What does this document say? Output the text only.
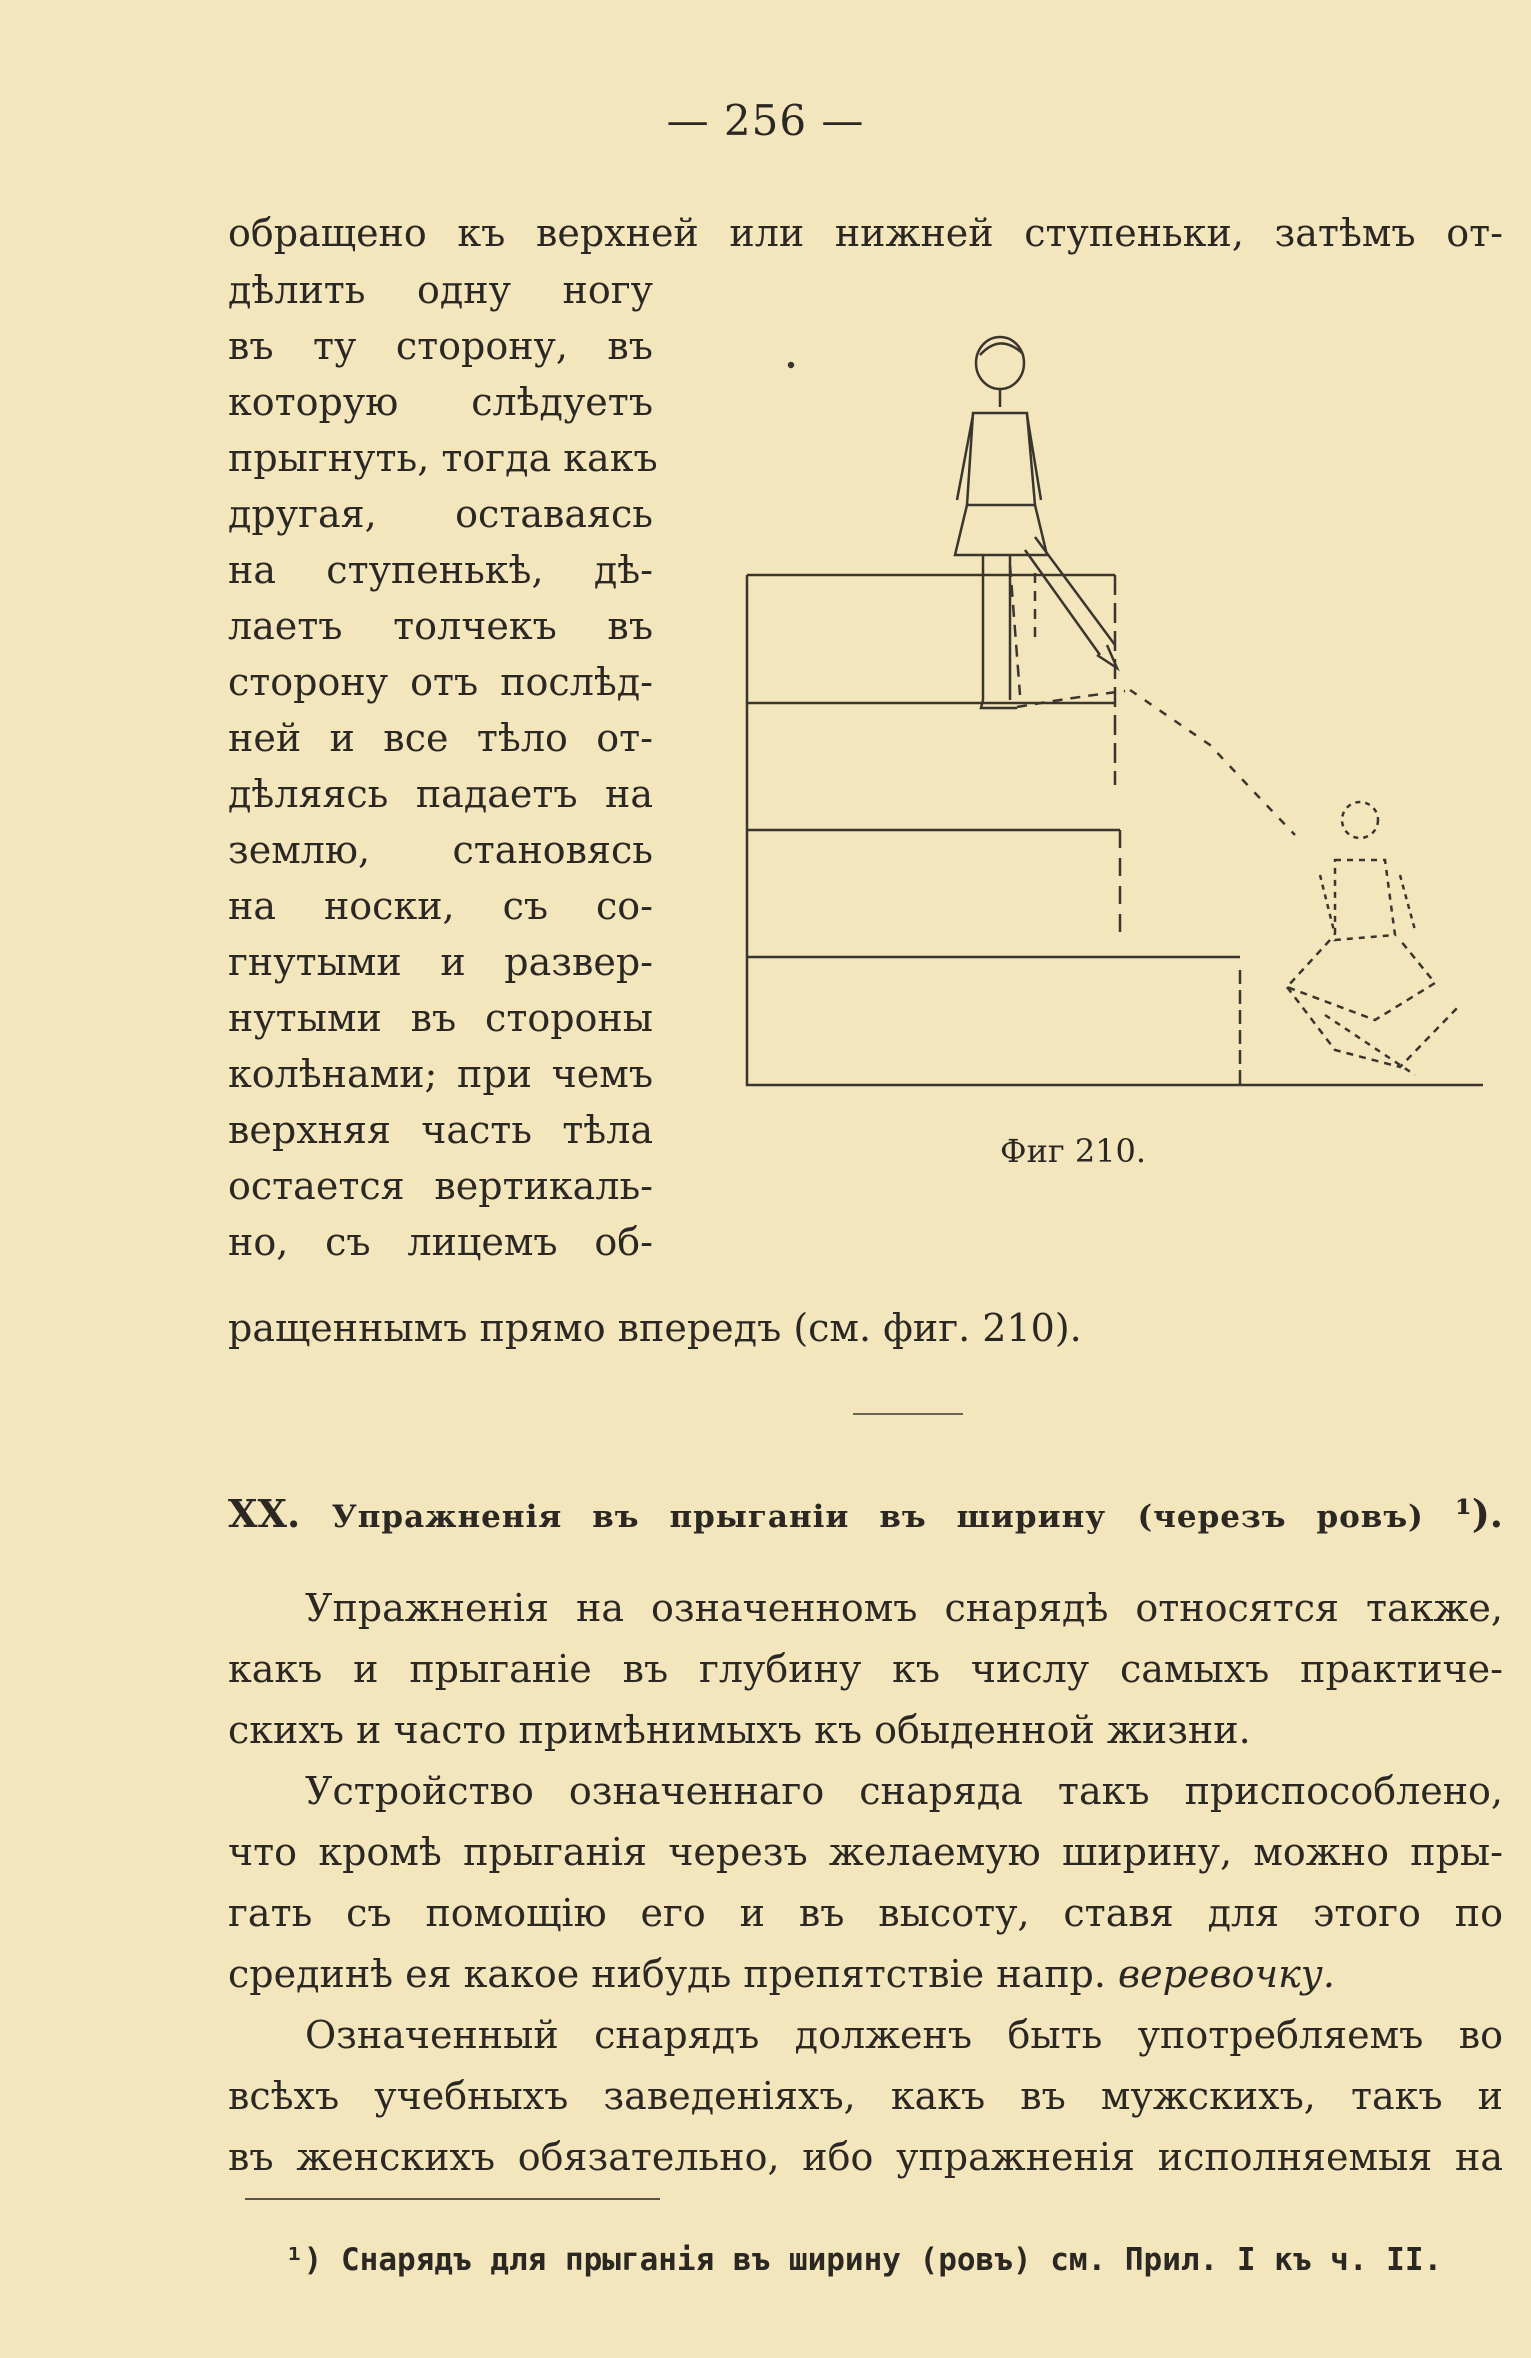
— 256 —
обращено къ верхней или нижней ступеньки, затѣмъ от-
дѣлить одну ногу
въ ту сторону, въ
которую слѣдуетъ
прыгнуть, тогда какъ
другая, оставаясь
на ступенькѣ, дѣ-
лаетъ толчекъ въ
сторону отъ послѣд-
ней и все тѣло от-
дѣляясь падаетъ на
землю, становясь
на носки, съ со-
гнутыми и развер-
нутыми въ стороны
колѣнами; при чемъ
верхняя часть тѣла
остается вертикаль-
но, съ лицемъ об-
ращеннымъ прямо впередъ (см. фиг. 210).
Фиг 210.
XX. Упражненія въ прыганіи въ ширину (черезъ ровъ) ¹).
Упражненія на означенномъ снарядѣ относятся также,
какъ и прыганіе въ глубину къ числу самыхъ практиче-
скихъ и часто примѣнимыхъ къ обыденной жизни.
Устройство означеннаго снаряда такъ приспособлено,
что кромѣ прыганія черезъ желаемую ширину, можно пры-
гать съ помощію его и въ высоту, ставя для этого по
срединѣ ея какое нибудь препятствіе напр. веревочку.
Означенный снарядъ долженъ быть употребляемъ во
всѣхъ учебныхъ заведеніяхъ, какъ въ мужскихъ, такъ и
въ женскихъ обязательно, ибо упражненія исполняемыя на
¹) Снарядъ для прыганія въ ширину (ровъ) см. Прил. I къ ч. II.
